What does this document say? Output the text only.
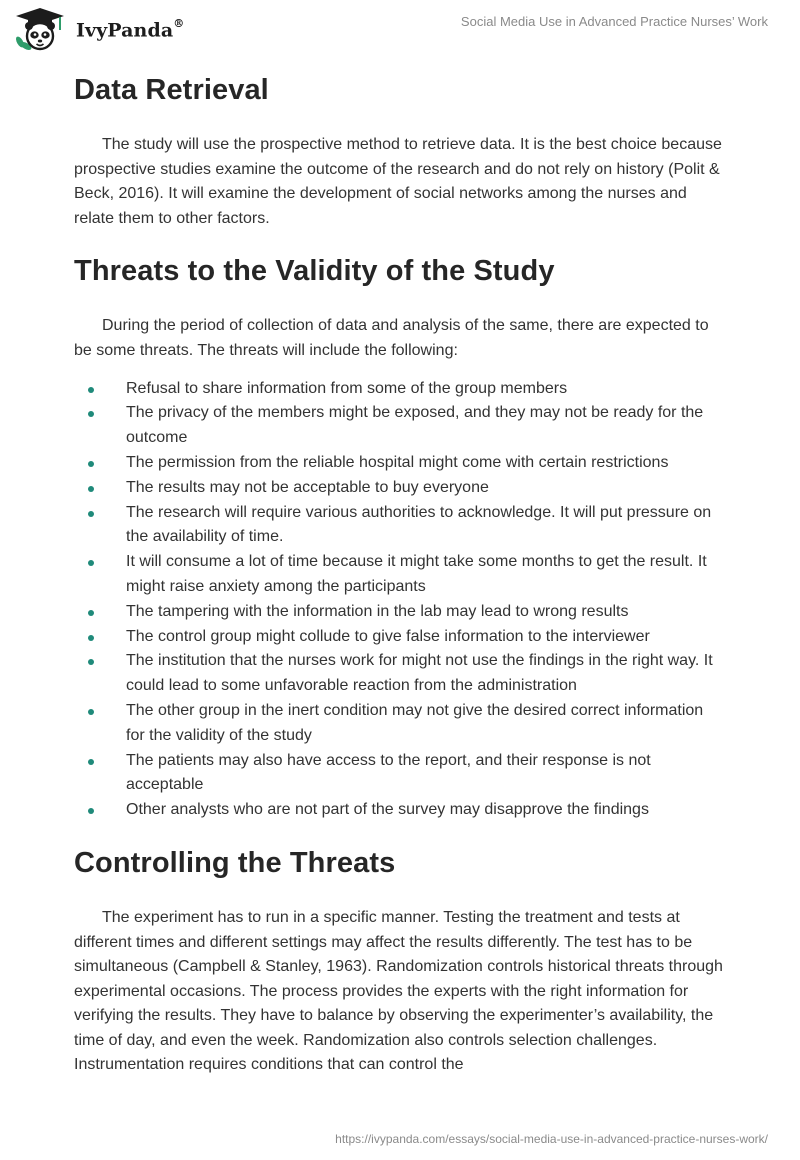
IvyPanda®	Social Media Use in Advanced Practice Nurses’ Work
Data Retrieval

The study will use the prospective method to retrieve data. It is the best choice because prospective studies examine the outcome of the research and do not rely on history (Polit & Beck, 2016). It will examine the development of social networks among the nurses and relate them to other factors.

Threats to the Validity of the Study

During the period of collection of data and analysis of the same, there are expected to be some threats. The threats will include the following:

Refusal to share information from some of the group members
The privacy of the members might be exposed, and they may not be ready for the outcome
The permission from the reliable hospital might come with certain restrictions
The results may not be acceptable to buy everyone
The research will require various authorities to acknowledge. It will put pressure on the availability of time.
It will consume a lot of time because it might take some months to get the result. It might raise anxiety among the participants
The tampering with the information in the lab may lead to wrong results
The control group might collude to give false information to the interviewer
The institution that the nurses work for might not use the findings in the right way. It could lead to some unfavorable reaction from the administration
The other group in the inert condition may not give the desired correct information for the validity of the study
The patients may also have access to the report, and their response is not acceptable
Other analysts who are not part of the survey may disapprove the findings
Controlling the Threats

The experiment has to run in a specific manner. Testing the treatment and tests at different times and different settings may affect the results differently. The test has to be simultaneous (Campbell & Stanley, 1963). Randomization controls historical threats through experimental occasions. The process provides the experts with the right information for verifying the results. They have to balance by observing the experimenter’s availability, the time of day, and even the week. Randomization also controls selection challenges. Instrumentation requires conditions that can control the

https://ivypanda.com/essays/social-media-use-in-advanced-practice-nurses-work/
